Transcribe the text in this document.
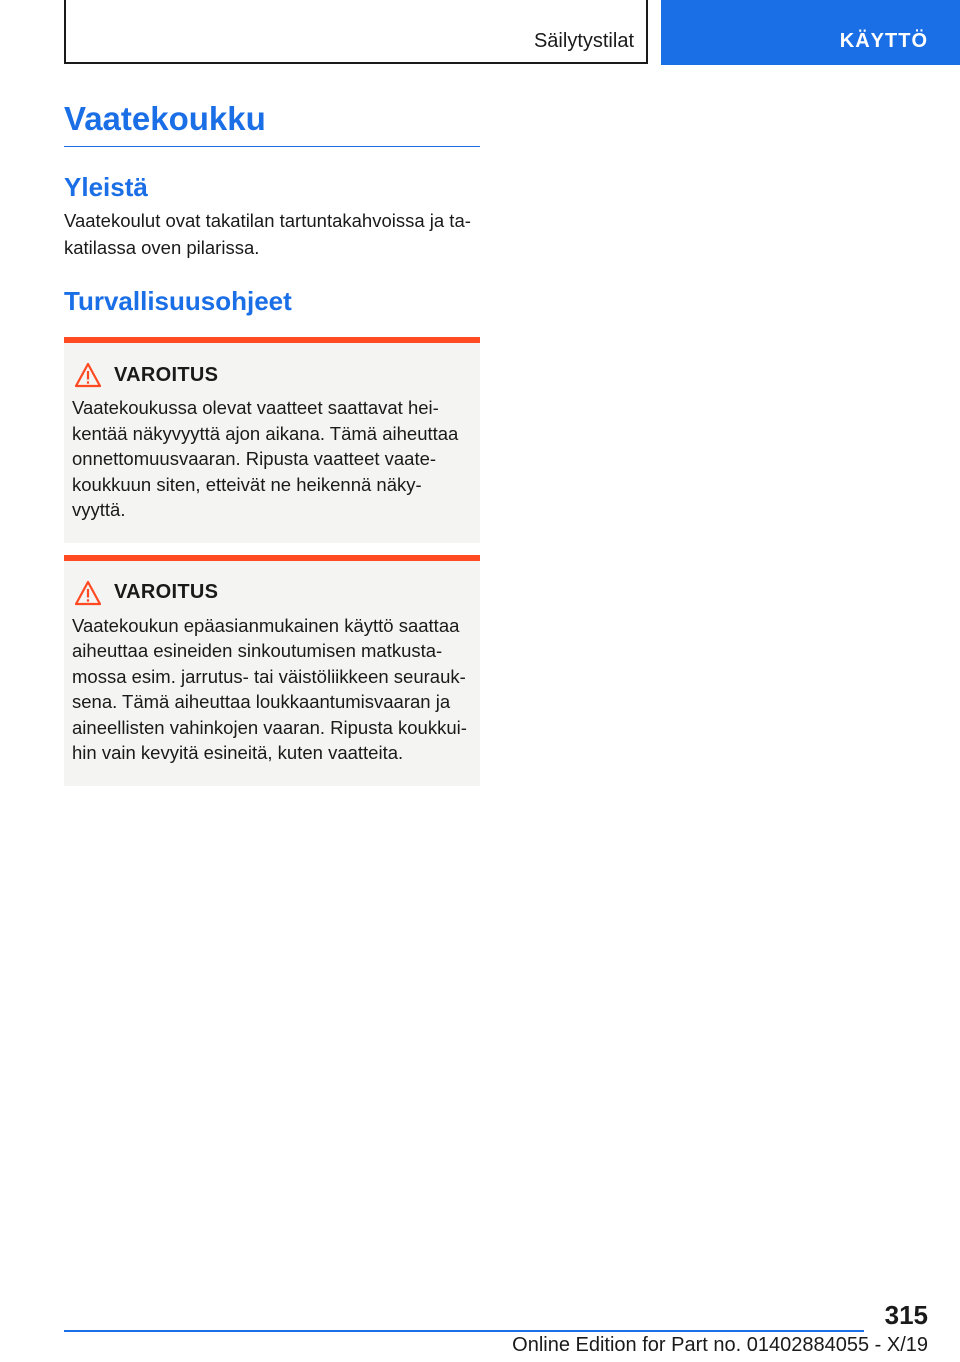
Säilytystilat	KÄYTTÖ
Vaatekoukku
Yleistä

Vaatekoulut ovat takatilan tartuntakahvoissa ja ta‐
katilassa oven pilarissa.

Turvallisuusohjeet
VAROITUS

Vaatekoukussa olevat vaatteet saattavat hei‐
kentää näkyvyyttä ajon aikana. Tämä aiheuttaa
onnettomuusvaaran. Ripusta vaatteet vaate‐
koukkuun siten, etteivät ne heikennä näky‐
vyyttä.

VAROITUS

Vaatekoukun epäasianmukainen käyttö saattaa
aiheuttaa esineiden sinkoutumisen matkusta‐
mossa esim. jarrutus- tai väistöliikkeen seurauk‐
sena. Tämä aiheuttaa loukkaantumisvaaran ja
aineellisten vahinkojen vaaran. Ripusta koukkui‐
hin vain kevyitä esineitä, kuten vaatteita.

315
Online Edition for Part no. 01402884055 - X/19
